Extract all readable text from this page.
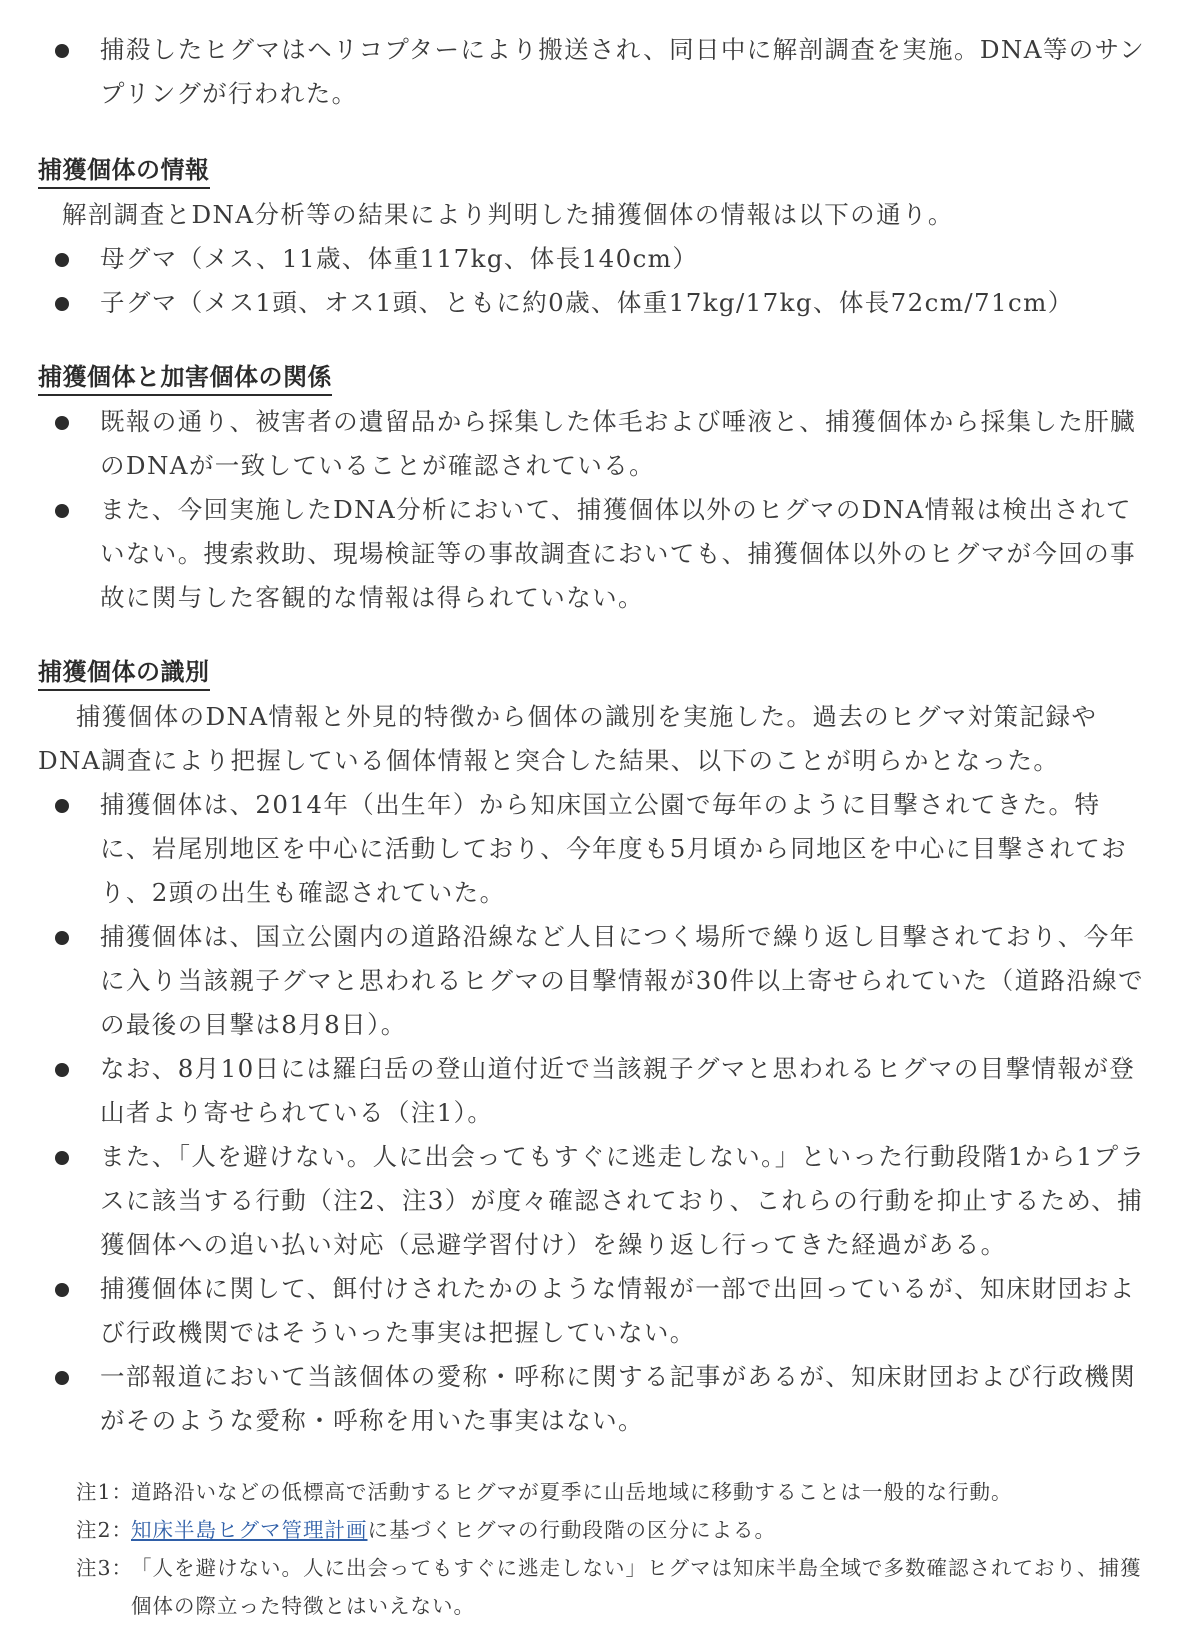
捕殺したヒグマはヘリコプターにより搬送され、同日中に解剖調査を実施。DNA等のサンプリングが行われた。
捕獲個体の情報

解剖調査とDNA分析等の結果により判明した捕獲個体の情報は以下の通り。

母グマ（メス、11歳、体重117kg、体長140cm）
子グマ（メス1頭、オス1頭、ともに約0歳、体重17kg/17kg、体長72cm/71cm）
捕獲個体と加害個体の関係
既報の通り、被害者の遺留品から採集した体毛および唾液と、捕獲個体から採集した肝臓のDNAが一致していることが確認されている。
また、今回実施したDNA分析において、捕獲個体以外のヒグマのDNA情報は検出されていない。捜索救助、現場検証等の事故調査においても、捕獲個体以外のヒグマが今回の事故に関与した客観的な情報は得られていない。
捕獲個体の識別

捕獲個体のDNA情報と外見的特徴から個体の識別を実施した。過去のヒグマ対策記録やDNA調査により把握している個体情報と突合した結果、以下のことが明らかとなった。

捕獲個体は、2014年（出生年）から知床国立公園で毎年のように目撃されてきた。特に、岩尾別地区を中心に活動しており、今年度も5月頃から同地区を中心に目撃されており、2頭の出生も確認されていた。
捕獲個体は、国立公園内の道路沿線など人目につく場所で繰り返し目撃されており、今年に入り当該親子グマと思われるヒグマの目撃情報が30件以上寄せられていた（道路沿線での最後の目撃は8月8日）。
なお、8月10日には羅臼岳の登山道付近で当該親子グマと思われるヒグマの目撃情報が登山者より寄せられている（注1）。
また、「人を避けない。人に出会ってもすぐに逃走しない。」といった行動段階1から1プラスに該当する行動（注2、注3）が度々確認されており、これらの行動を抑止するため、捕獲個体への追い払い対応（忌避学習付け）を繰り返し行ってきた経過がある。
捕獲個体に関して、餌付けされたかのような情報が一部で出回っているが、知床財団および行政機関ではそういった事実は把握していない。
一部報道において当該個体の愛称・呼称に関する記事があるが、知床財団および行政機関がそのような愛称・呼称を用いた事実はない。
注1：
道路沿いなどの低標高で活動するヒグマが夏季に山岳地域に移動することは一般的な行動。
注2：
知床半島ヒグマ管理計画に基づくヒグマの行動段階の区分による。
注3：
「人を避けない。人に出会ってもすぐに逃走しない」ヒグマは知床半島全域で多数確認されており、捕獲個体の際立った特徴とはいえない。
